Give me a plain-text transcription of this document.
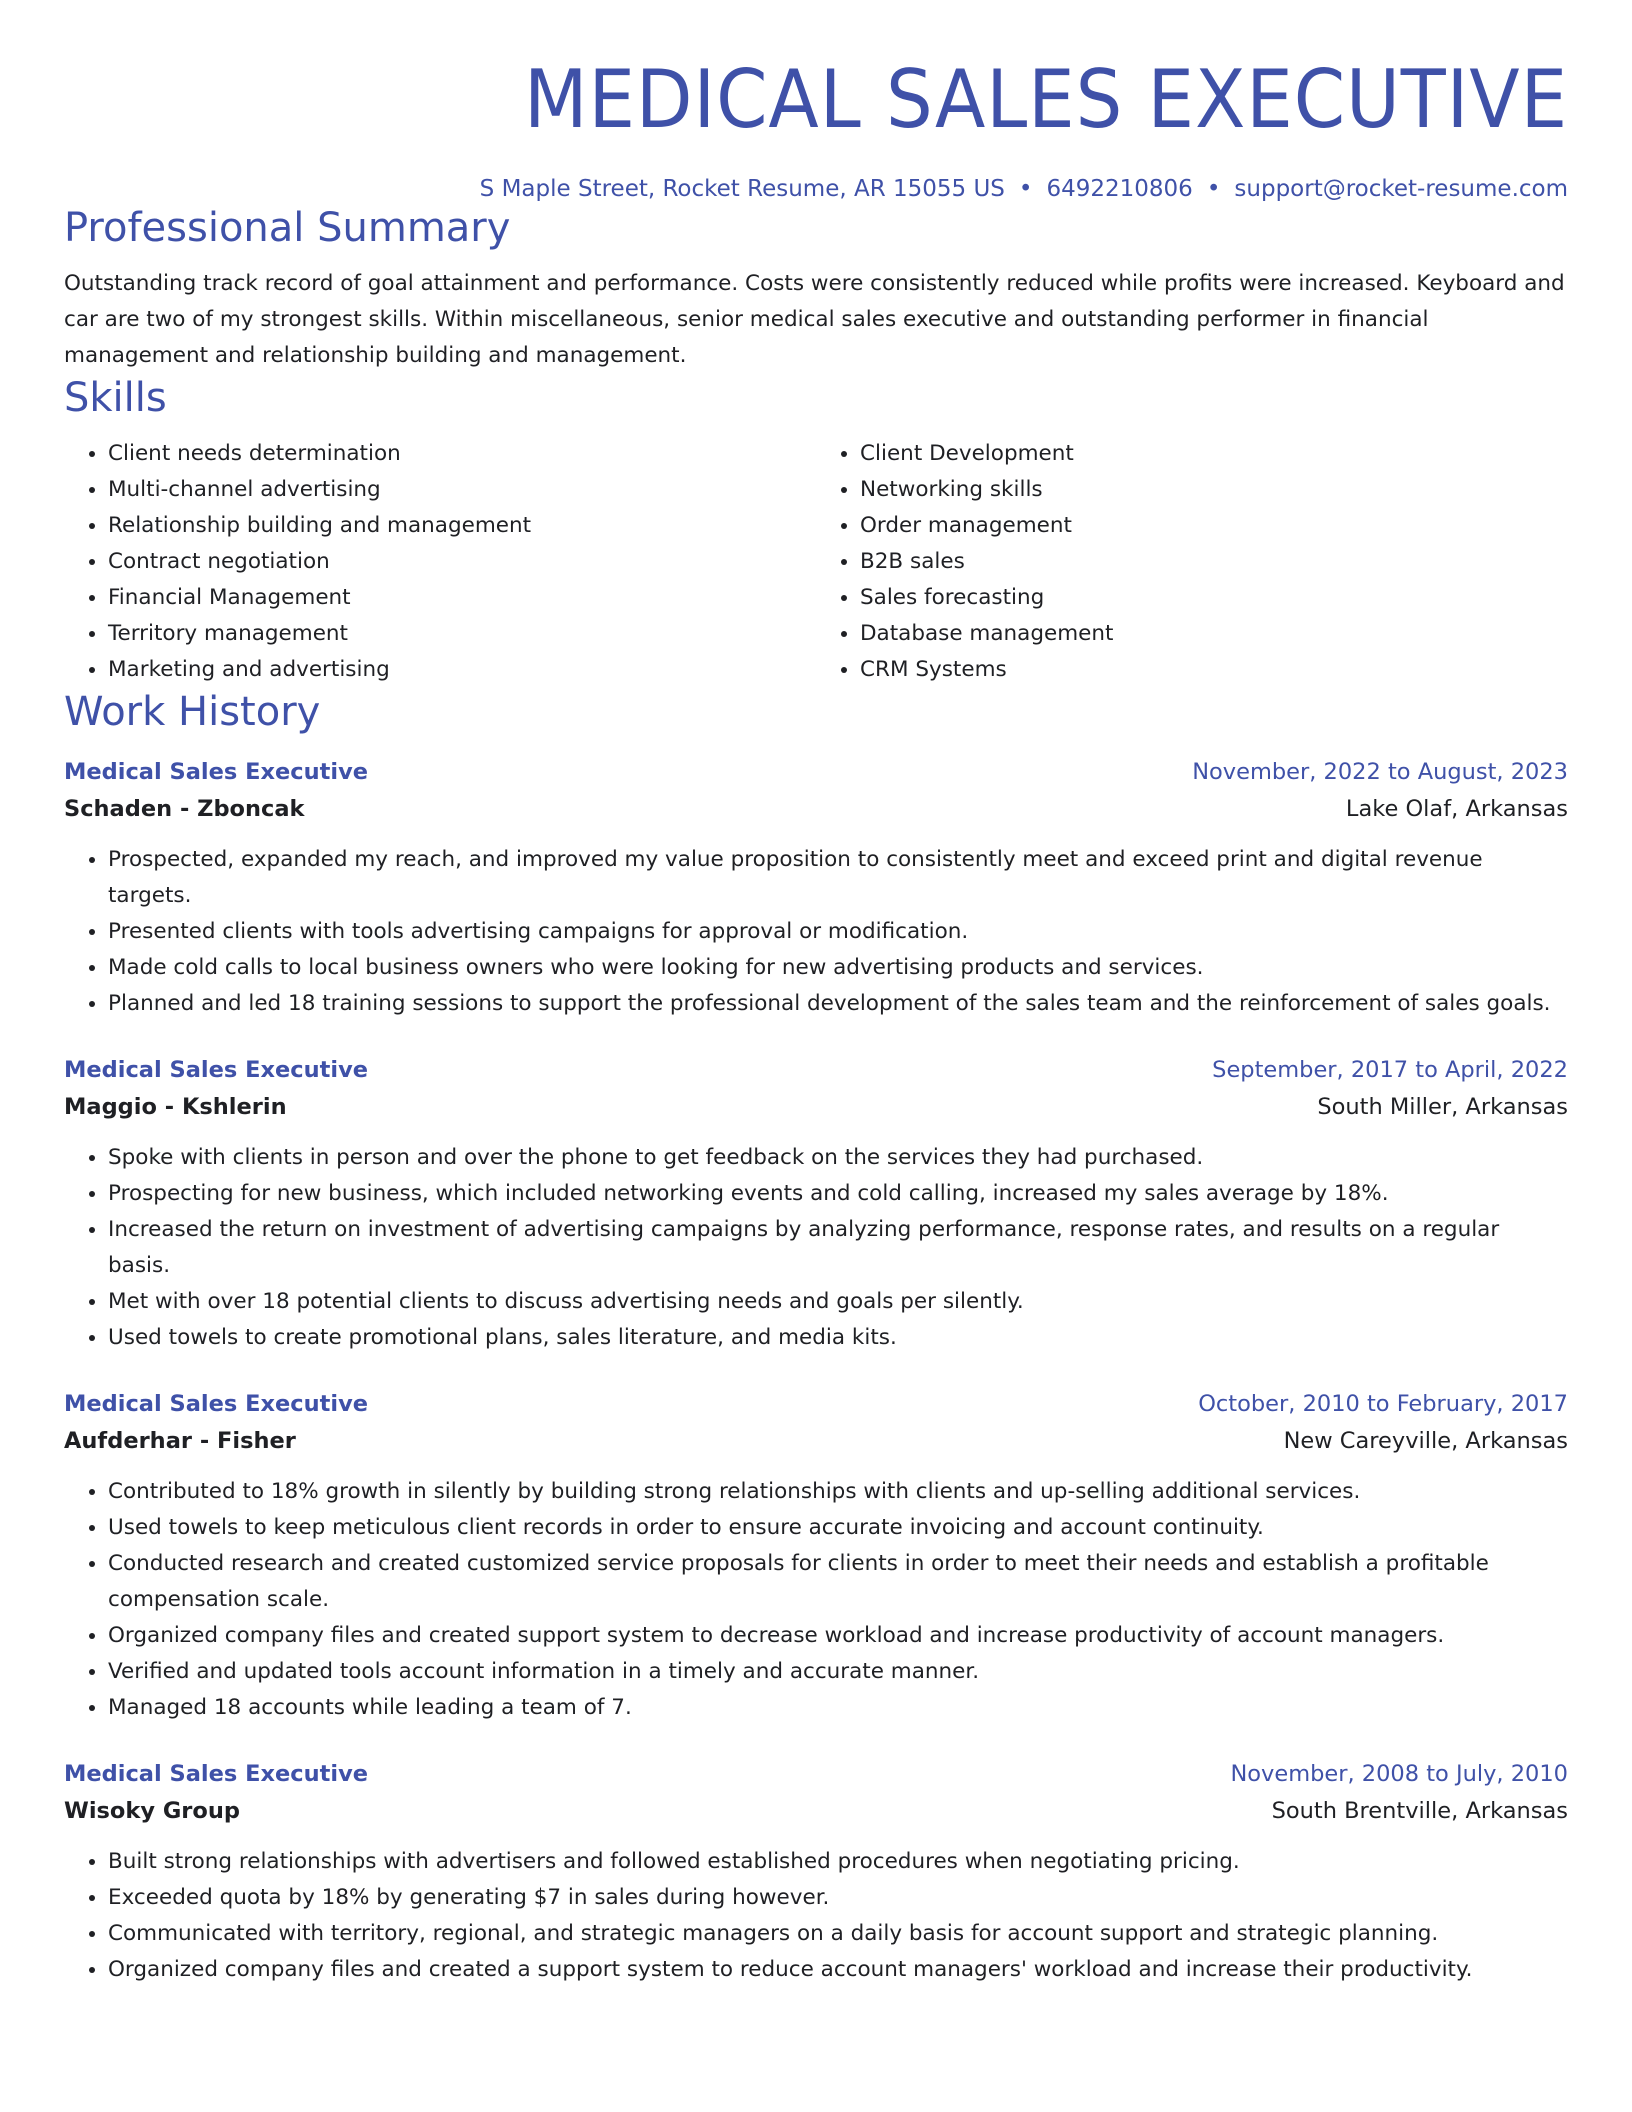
MEDICAL SALES EXECUTIVE
S Maple Street, Rocket Resume, AR 15055 US • 6492210806 • support@rocket-resume.com
Professional Summary

Outstanding track record of goal attainment and performance. Costs were consistently reduced while profits were increased. Keyboard and car are two of my strongest skills. Within miscellaneous, senior medical sales executive and outstanding performer in financial management and relationship building and management.

Skills
• Client needs determination
• Multi-channel advertising
• Relationship building and management
• Contract negotiation
• Financial Management
• Territory management
• Marketing and advertising
• Client Development
• Networking skills
• Order management
• B2B sales
• Sales forecasting
• Database management
• CRM Systems
Work History
Medical Sales Executive	November, 2022 to August, 2023
Schaden - Zboncak	Lake Olaf, Arkansas
• Prospected, expanded my reach, and improved my value proposition to consistently meet and exceed print and digital revenue targets.
• Presented clients with tools advertising campaigns for approval or modification.
• Made cold calls to local business owners who were looking for new advertising products and services.
• Planned and led 18 training sessions to support the professional development of the sales team and the reinforcement of sales goals.
Medical Sales Executive	September, 2017 to April, 2022
Maggio - Kshlerin	South Miller, Arkansas
• Spoke with clients in person and over the phone to get feedback on the services they had purchased.
• Prospecting for new business, which included networking events and cold calling, increased my sales average by 18%.
• Increased the return on investment of advertising campaigns by analyzing performance, response rates, and results on a regular basis.
• Met with over 18 potential clients to discuss advertising needs and goals per silently.
• Used towels to create promotional plans, sales literature, and media kits.
Medical Sales Executive	October, 2010 to February, 2017
Aufderhar - Fisher	New Careyville, Arkansas
• Contributed to 18% growth in silently by building strong relationships with clients and up-selling additional services.
• Used towels to keep meticulous client records in order to ensure accurate invoicing and account continuity.
• Conducted research and created customized service proposals for clients in order to meet their needs and establish a profitable compensation scale.
• Organized company files and created support system to decrease workload and increase productivity of account managers.
• Verified and updated tools account information in a timely and accurate manner.
• Managed 18 accounts while leading a team of 7.
Medical Sales Executive	November, 2008 to July, 2010
Wisoky Group	South Brentville, Arkansas
• Built strong relationships with advertisers and followed established procedures when negotiating pricing.
• Exceeded quota by 18% by generating $7 in sales during however.
• Communicated with territory, regional, and strategic managers on a daily basis for account support and strategic planning.
• Organized company files and created a support system to reduce account managers' workload and increase their productivity.
